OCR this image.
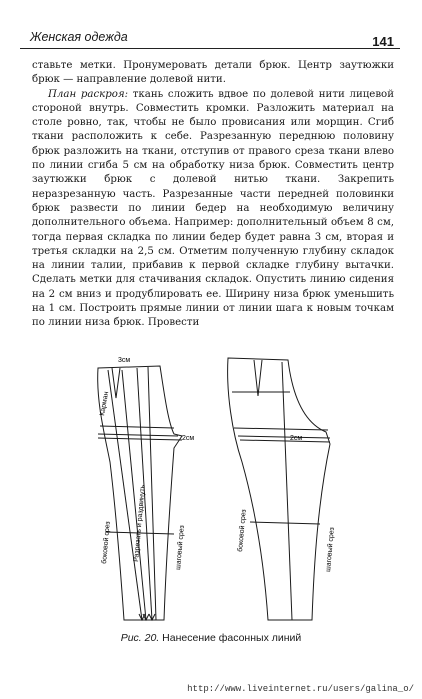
Женская одежда	141

ставьте метки. Пронумеровать детали брюк. Центр заутюжки брюк — направление долевой нити.

План раскроя: ткань сложить вдвое по долевой нити лицевой стороной внутрь. Совместить кромки. Разложить материал на столе ровно, так, чтобы не было провисания или морщин. Сгиб ткани расположить к себе. Разрезанную переднюю половину брюк разложить на ткани, отступив от правого среза ткани влево по линии сгиба 5 см на обработку низа брюк. Совместить центр заутюжки брюк с долевой нитью ткани. Закрепить неразрезанную часть. Разрезанные части передней половинки брюк развести по линии бедер на необходимую величину дополнительного объема. Например: дополнительный объем 8 см, тогда первая складка по линии бедер будет равна 3 см, вторая и третья складки на 2,5 см. Отметим полученную глубину складок на линии талии, прибавив к первой складке глубину вытачки. Сделать метки для стачивания складок. Опустить линию сидения на 2 см вниз и продублировать ее. Ширину низа брюк уменьшить на 1 см. Построить прямые линии от линии шага к новым точкам по линии низа брюк. Провести

3см
Карман
2см
боковой срез	Разрезать и раздвинуть	шаговый срез
2см
боковой срез	шаговый срез
Рис. 20. Нанесение фасонных линий
http://www.liveinternet.ru/users/galina_o/
